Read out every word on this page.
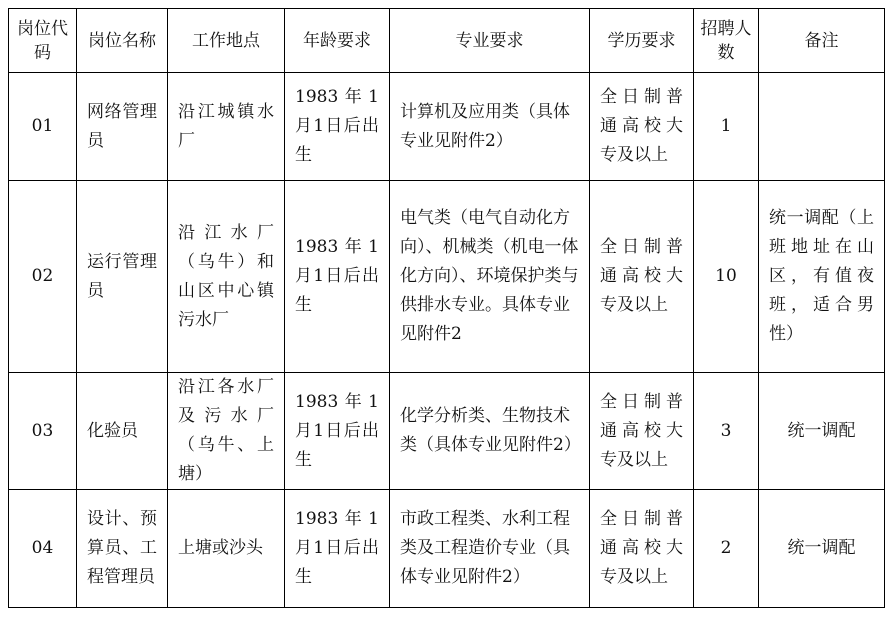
岗位代码	岗位名称	工作地点	年龄要求	专业要求	学历要求	招聘人数	备注
01	网络管理员	沿江城镇水厂	1983年1月1日后出生	计算机及应用类（具体专业见附件2）	全日制普通高校大专及以上	1	
02	运行管理员	沿江水厂（乌牛）和山区中心镇污水厂	1983年1月1日后出生	电气类（电气自动化方向）、机械类（机电一体化方向）、环境保护类与供排水专业。具体专业见附件2	全日制普通高校大专及以上	10	统一调配（上班地址在山区，有值夜班，适合男性）
03	化验员	沿江各水厂及污水厂（乌牛、上塘）	1983年1月1日后出生	化学分析类、生物技术类（具体专业见附件2）	全日制普通高校大专及以上	3	统一调配
04	设计、预算员、工程管理员	上塘或沙头	1983年1月1日后出生	市政工程类、水利工程类及工程造价专业（具体专业见附件2）	全日制普通高校大专及以上	2	统一调配
